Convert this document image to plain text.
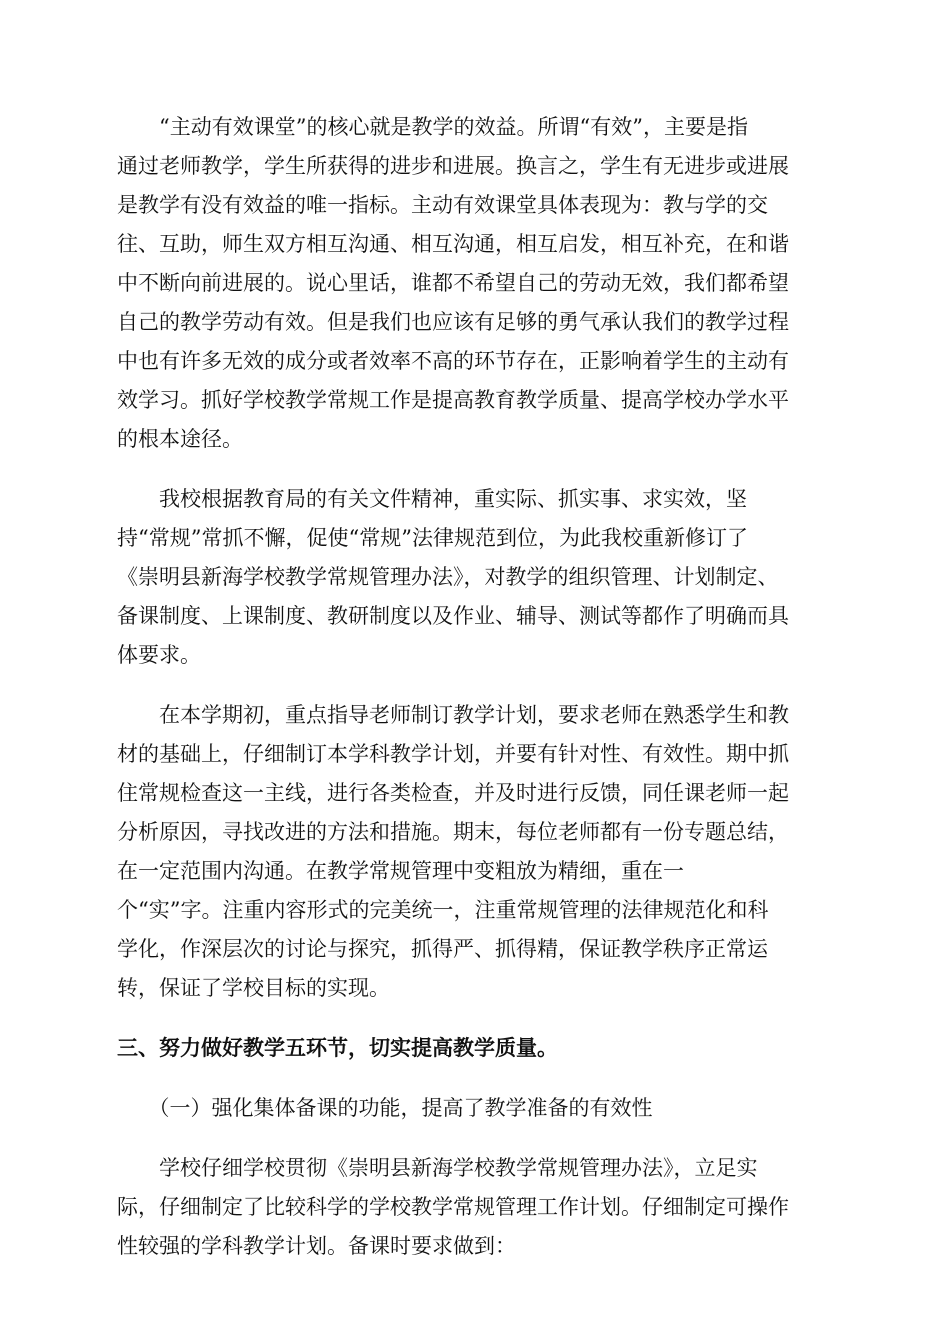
　　“主动有效课堂”的核心就是教学的效益。所谓“有效”，主要是指
通过老师教学，学生所获得的进步和进展。换言之，学生有无进步或进展
是教学有没有效益的唯一指标。主动有效课堂具体表现为：教与学的交
往、互助，师生双方相互沟通、相互沟通，相互启发，相互补充，在和谐
中不断向前进展的。说心里话，谁都不希望自己的劳动无效，我们都希望
自己的教学劳动有效。但是我们也应该有足够的勇气承认我们的教学过程
中也有许多无效的成分或者效率不高的环节存在，正影响着学生的主动有
效学习。抓好学校教学常规工作是提高教育教学质量、提高学校办学水平
的根本途径。

　　我校根据教育局的有关文件精神，重实际、抓实事、求实效，坚
持“常规”常抓不懈，促使“常规”法律规范到位，为此我校重新修订了
《崇明县新海学校教学常规管理办法》，对教学的组织管理、计划制定、
备课制度、上课制度、教研制度以及作业、辅导、测试等都作了明确而具
体要求。

　　在本学期初，重点指导老师制订教学计划，要求老师在熟悉学生和教
材的基础上，仔细制订本学科教学计划，并要有针对性、有效性。期中抓
住常规检查这一主线，进行各类检查，并及时进行反馈，同任课老师一起
分析原因，寻找改进的方法和措施。期末，每位老师都有一份专题总结，
在一定范围内沟通。在教学常规管理中变粗放为精细，重在一
个“实”字。注重内容形式的完美统一，注重常规管理的法律规范化和科
学化，作深层次的讨论与探究，抓得严、抓得精，保证教学秩序正常运
转，保证了学校目标的实现。

三、努力做好教学五环节，切实提高教学质量。

　　（一）强化集体备课的功能，提高了教学准备的有效性

　　学校仔细学校贯彻《崇明县新海学校教学常规管理办法》，立足实
际，仔细制定了比较科学的学校教学常规管理工作计划。仔细制定可操作
性较强的学科教学计划。备课时要求做到：
